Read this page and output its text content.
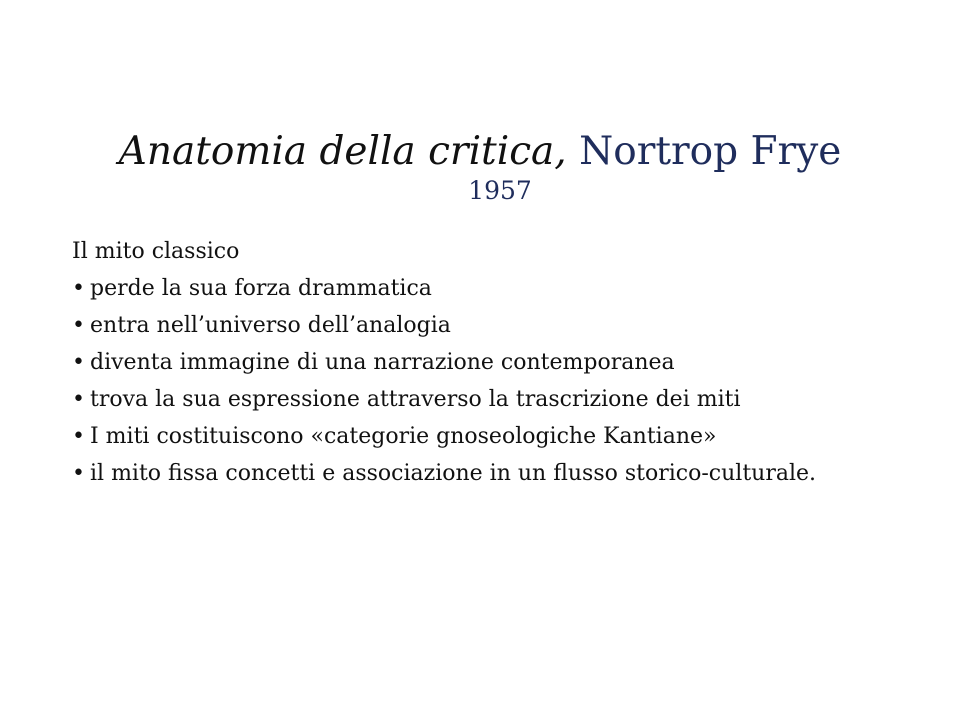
Anatomia della critica, Nortrop Frye
1957
Il mito classico
• perde la sua forza drammatica
• entra nell’universo dell’analogia
• diventa immagine di una narrazione contemporanea
• trova la sua espressione attraverso la trascrizione dei miti
• I miti costituiscono «categorie gnoseologiche Kantiane»
• il mito fissa concetti e associazione in un flusso storico-culturale.
